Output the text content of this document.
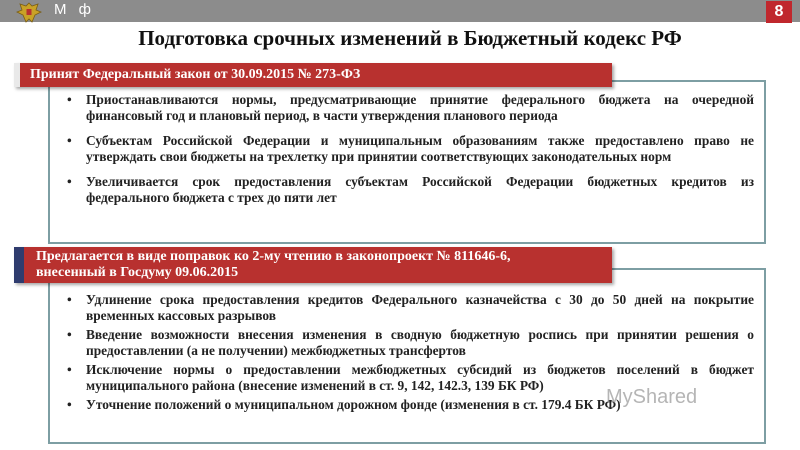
М ф	8
Подготовка срочных изменений в Бюджетный кодекс РФ
• Приостанавливаются нормы, предусматривающие принятие федерального бюджета на очередной финансовый год и плановый период, в части утверждения планового периода
• Субъектам Российской Федерации и муниципальным образованиям также предоставлено право не утверждать свои бюджеты на трехлетку при принятии соответствующих законодательных норм
• Увеличивается срок предоставления субъектам Российской Федерации бюджетных кредитов из федерального бюджета с трех до пяти лет
Принят Федеральный закон от 30.09.2015 № 273-ФЗ
• Удлинение срока предоставления кредитов Федерального казначейства с 30 до 50 дней на покрытие временных кассовых разрывов
• Введение возможности внесения изменения в сводную бюджетную роспись при принятии решения о предоставлении (а не получении) межбюджетных трансфертов
• Исключение нормы о предоставлении межбюджетных субсидий из бюджетов поселений в бюджет муниципального района (внесение изменений в ст. 9, 142, 142.3, 139 БК РФ)
• Уточнение положений о муниципальном дорожном фонде (изменения в ст. 179.4 БК РФ)
Предлагается в виде поправок ко 2-му чтению в законопроект № 811646-6,
внесенный в Госдуму 09.06.2015
MyShared
